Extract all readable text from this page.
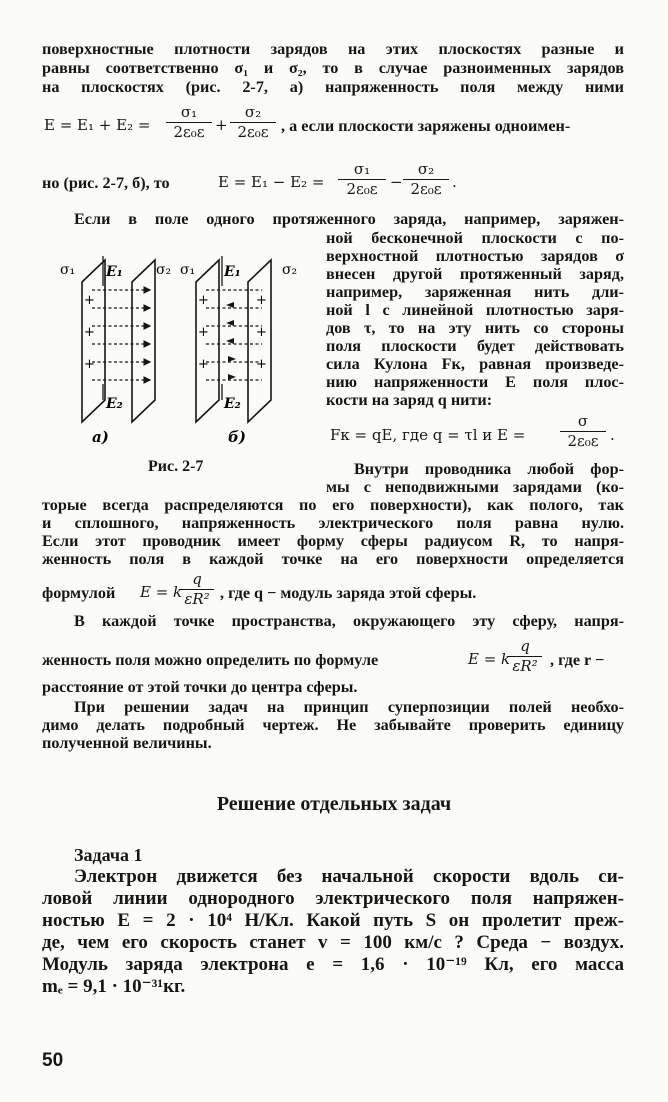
поверхностные плотности зарядов на этих плоскостях разные и
равны соответственно σ₁ и σ₂, то в случае разноименных зарядов
на плоскостях (рис. 2-7, а) напряженность поля между ними
E = E₁ + E₂ =
σ₁
2ε₀ε +
σ₂
2ε₀ε , а если плоскости заряжены одноимен-
но (рис. 2-7, б), то	E = E₁ − E₂ =
σ₁
2ε₀ε −
σ₂
2ε₀ε .
Если в поле одного протяженного заряда, например, заряжен-
ной бесконечной плоскости с по-
верхностной плотностью зарядов σ
внесен другой протяженный заряд,
например, заряженная нить дли-
ной l с линейной плотностью заря-
дов τ, то на эту нить со стороны
поля плоскости будет действовать
сила Кулона Fк, равная произведе-
нию напряженности E поля плос-
кости на заряд q нити:
Fк = qE, где q = τl и E =
σ
2ε₀ε .
σ₁	σ₂
E₁
E₂
σ₁	σ₂
E₁
E₂
+
+
+
+
+
+
+
+
+
а)	б)
Рис. 2-7	Внутри проводника любой фор-
мы с неподвижными зарядами (ко-
торые всегда распределяются по его поверхности), как полого, так
и сплошного, напряженность электрического поля равна нулю.
Если этот проводник имеет форму сферы радиусом R, то напря-
женность поля в каждой точке на его поверхности определяется
формулой E = k
q
εR² , где q − модуль заряда этой сферы.
В каждой точке пространства, окружающего эту сферу, напря-
женность поля можно определить по формуле	E = k
q
εR² , где r −
расстояние от этой точки до центра сферы.
При решении задач на принцип суперпозиции полей необхо-
димо делать подробный чертеж. Не забывайте проверить единицу
полученной величины.
Решение отдельных задач
Задача 1
Электрон движется без начальной скорости вдоль си-
ловой линии однородного электрического поля напряжен-
ностью E = 2 · 10⁴ Н/Кл. Какой путь S он пролетит преж-
де, чем его скорость станет v = 100 км/с ? Среда − воздух.
Модуль заряда электрона e = 1,6 · 10⁻¹⁹ Кл, его масса
mₑ = 9,1 · 10⁻³¹кг.
50
